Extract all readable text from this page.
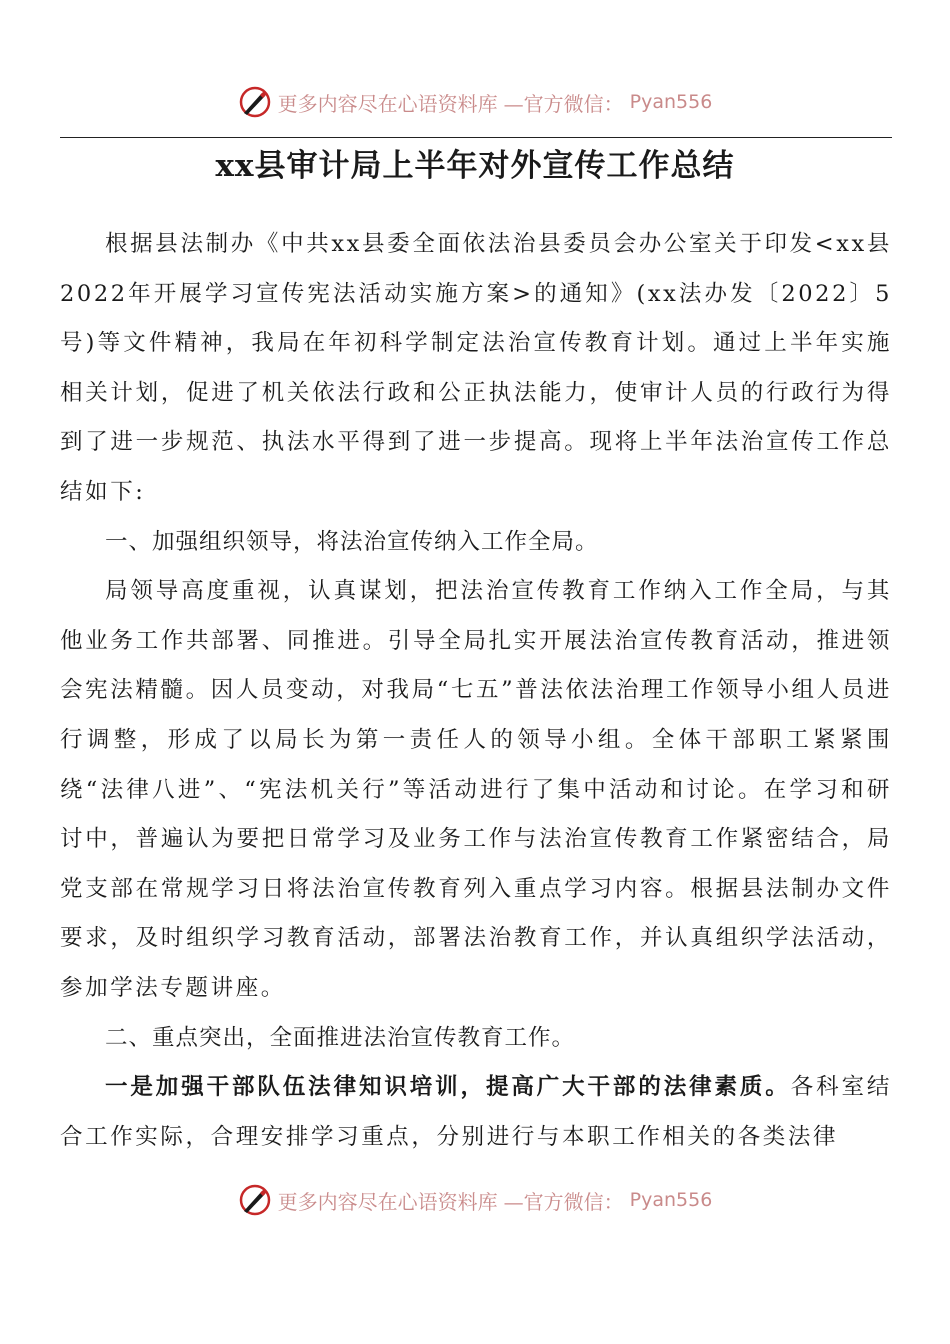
更多内容尽在心语资料库 —官方微信： Pyan556
xx县审计局上半年对外宣传工作总结

根据县法制办《中共xx县委全面依法治县委员会办公室关于印发<xx县2022年开展学习宣传宪法活动实施方案>的通知》(xx法办发〔2022〕5号)等文件精神，我局在年初科学制定法治宣传教育计划。通过上半年实施相关计划，促进了机关依法行政和公正执法能力，使审计人员的行政行为得到了进一步规范、执法水平得到了进一步提高。现将上半年法治宣传工作总结如下:

一、加强组织领导，将法治宣传纳入工作全局。

局领导高度重视，认真谋划，把法治宣传教育工作纳入工作全局，与其他业务工作共部署、同推进。引导全局扎实开展法治宣传教育活动，推进领会宪法精髓。因人员变动，对我局“七五”普法依法治理工作领导小组人员进行调整，形成了以局长为第一责任人的领导小组。全体干部职工紧紧围绕“法律八进”、“宪法机关行”等活动进行了集中活动和讨论。在学习和研讨中，普遍认为要把日常学习及业务工作与法治宣传教育工作紧密结合，局党支部在常规学习日将法治宣传教育列入重点学习内容。根据县法制办文件要求，及时组织学习教育活动，部署法治教育工作，并认真组织学法活动，参加学法专题讲座。

二、重点突出，全面推进法治宣传教育工作。

一是加强干部队伍法律知识培训，提高广大干部的法律素质。各科室结合工作实际，合理安排学习重点，分别进行与本职工作相关的各类法律

更多内容尽在心语资料库 —官方微信： Pyan556
